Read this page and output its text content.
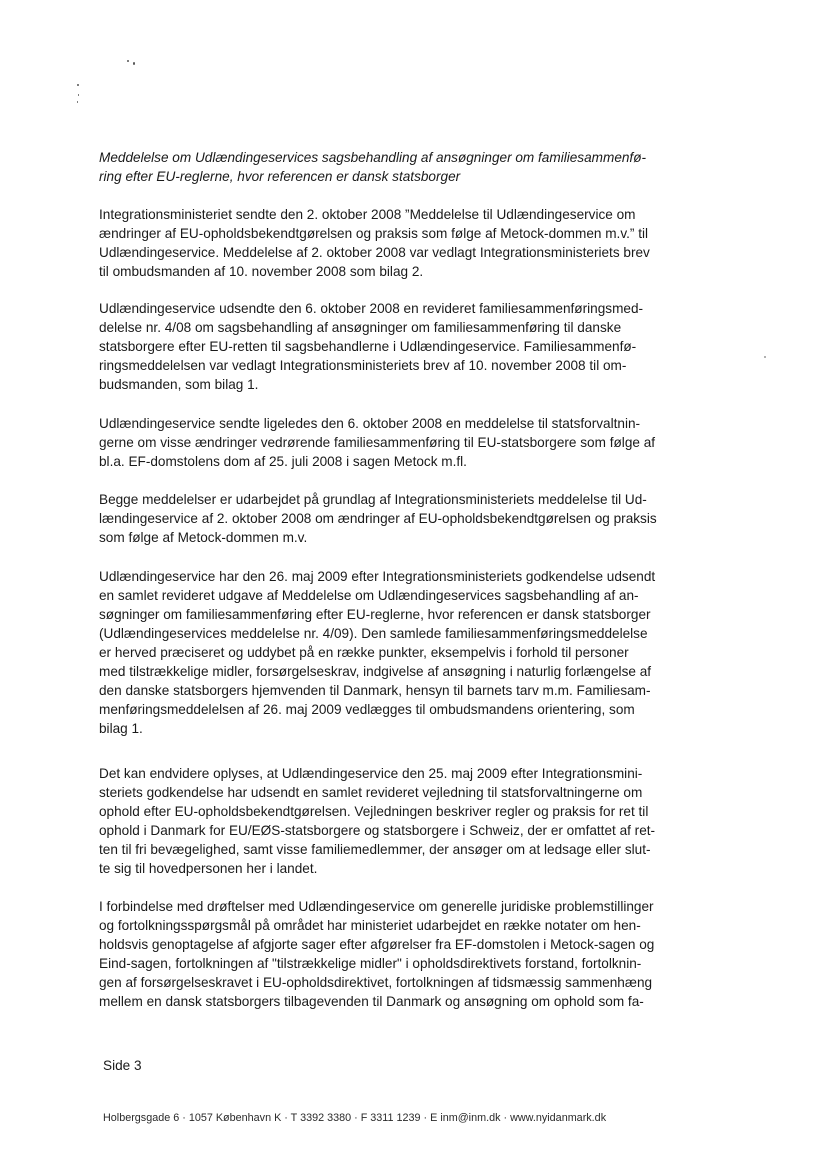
Meddelelse om Udlændingeservices sagsbehandling af ansøgninger om familiesammenfø-
ring efter EU-reglerne, hvor referencen er dansk statsborger
Integrationsministeriet sendte den 2. oktober 2008 ”Meddelelse til Udlændingeservice om
ændringer af EU-opholdsbekendtgørelsen og praksis som følge af Metock-dommen m.v.” til
Udlændingeservice. Meddelelse af 2. oktober 2008 var vedlagt Integrationsministeriets brev
til ombudsmanden af 10. november 2008 som bilag 2.
Udlændingeservice udsendte den 6. oktober 2008 en revideret familiesammenføringsmed-
delelse nr. 4/08 om sagsbehandling af ansøgninger om familiesammenføring til danske
statsborgere efter EU-retten til sagsbehandlerne i Udlændingeservice. Familiesammenfø-
ringsmeddelelsen var vedlagt Integrationsministeriets brev af 10. november 2008 til om-
budsmanden, som bilag 1.
Udlændingeservice sendte ligeledes den 6. oktober 2008 en meddelelse til statsforvaltnin-
gerne om visse ændringer vedrørende familiesammenføring til EU-statsborgere som følge af
bl.a. EF-domstolens dom af 25. juli 2008 i sagen Metock m.fl.
Begge meddelelser er udarbejdet på grundlag af Integrationsministeriets meddelelse til Ud-
lændingeservice af 2. oktober 2008 om ændringer af EU-opholdsbekendtgørelsen og praksis
som følge af Metock-dommen m.v.
Udlændingeservice har den 26. maj 2009 efter Integrationsministeriets godkendelse udsendt
en samlet revideret udgave af Meddelelse om Udlændingeservices sagsbehandling af an-
søgninger om familiesammenføring efter EU-reglerne, hvor referencen er dansk statsborger
(Udlændingeservices meddelelse nr. 4/09). Den samlede familiesammenføringsmeddelelse
er herved præciseret og uddybet på en række punkter, eksempelvis i forhold til personer
med tilstrækkelige midler, forsørgelseskrav, indgivelse af ansøgning i naturlig forlængelse af
den danske statsborgers hjemvenden til Danmark, hensyn til barnets tarv m.m. Familiesam-
menføringsmeddelelsen af 26. maj 2009 vedlægges til ombudsmandens orientering, som
bilag 1.
Det kan endvidere oplyses, at Udlændingeservice den 25. maj 2009 efter Integrationsmini-
steriets godkendelse har udsendt en samlet revideret vejledning til statsforvaltningerne om
ophold efter EU-opholdsbekendtgørelsen. Vejledningen beskriver regler og praksis for ret til
ophold i Danmark for EU/EØS-statsborgere og statsborgere i Schweiz, der er omfattet af ret-
ten til fri bevægelighed, samt visse familiemedlemmer, der ansøger om at ledsage eller slut-
te sig til hovedpersonen her i landet.
I forbindelse med drøftelser med Udlændingeservice om generelle juridiske problemstillinger
og fortolkningsspørgsmål på området har ministeriet udarbejdet en række notater om hen-
holdsvis genoptagelse af afgjorte sager efter afgørelser fra EF-domstolen i Metock-sagen og
Eind-sagen, fortolkningen af "tilstrækkelige midler" i opholdsdirektivets forstand, fortolknin-
gen af forsørgelseskravet i EU-opholdsdirektivet, fortolkningen af tidsmæssig sammenhæng
mellem en dansk statsborgers tilbagevenden til Danmark og ansøgning om ophold som fa-
Side 3
Holbergsgade 6 · 1057 København K · T 3392 3380 · F 3311 1239 · E inm@inm.dk · www.nyidanmark.dk
